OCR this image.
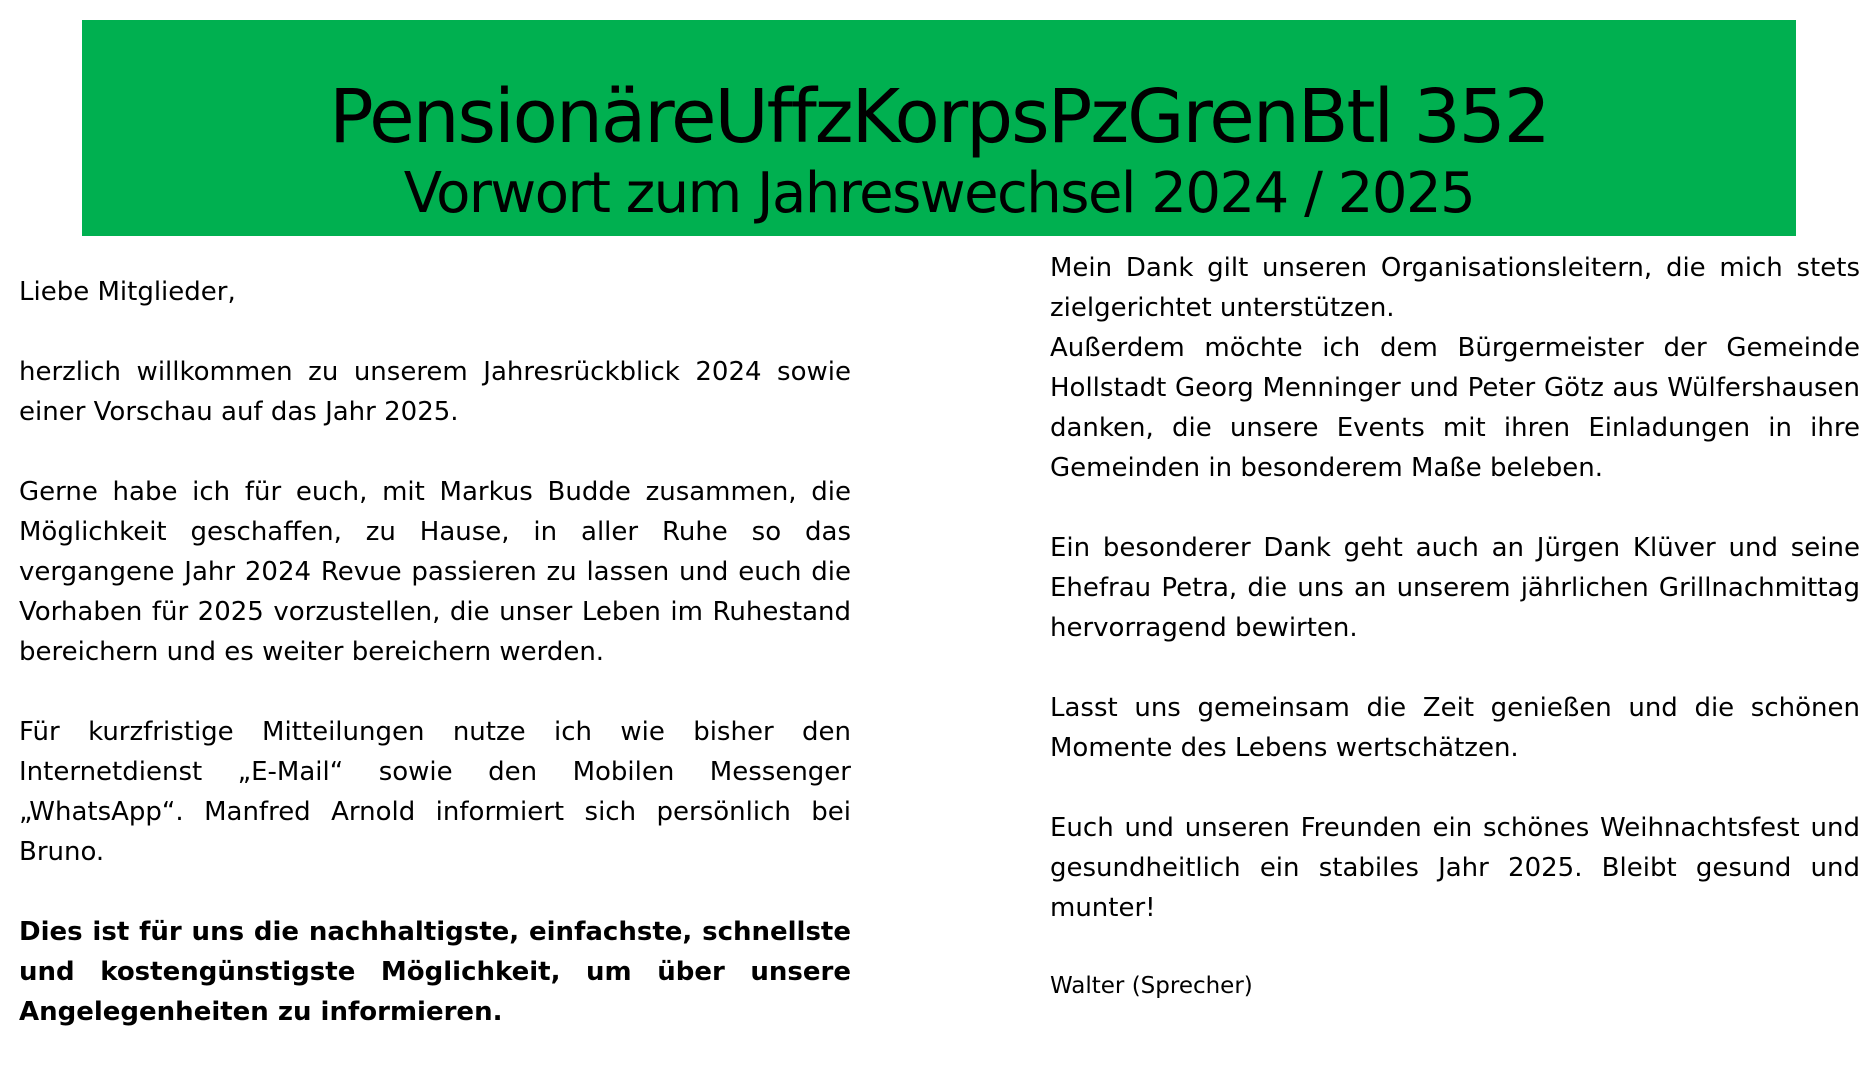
PensionäreUffzKorpsPzGrenBtl 352
Vorwort zum Jahreswechsel 2024 / 2025

Liebe Mitglieder,

herzlich willkommen zu unserem Jahresrückblick 2024 sowie einer Vorschau auf das Jahr 2025.

Gerne habe ich für euch, mit Markus Budde zusammen, die Möglichkeit geschaffen, zu Hause, in aller Ruhe so das vergangene Jahr 2024 Revue passieren zu lassen und euch die Vorhaben für 2025 vorzustellen, die unser Leben im Ruhestand bereichern und es weiter bereichern werden.

Für kurzfristige Mitteilungen nutze ich wie bisher den Internetdienst „E-Mail“ sowie den Mobilen Messenger „WhatsApp“. Manfred Arnold informiert sich persönlich bei Bruno.

Dies ist für uns die nachhaltigste, einfachste, schnellste und kostengünstigste Möglichkeit, um über unsere Angelegenheiten zu informieren.

Mein Dank gilt unseren Organisationsleitern, die mich stets zielgerichtet unterstützen.

Außerdem möchte ich dem Bürgermeister der Gemeinde Hollstadt Georg Menninger und Peter Götz aus Wülfershausen danken, die unsere Events mit ihren Einladungen in ihre Gemeinden in besonderem Maße beleben.

Ein besonderer Dank geht auch an Jürgen Klüver und seine Ehefrau Petra, die uns an unserem jährlichen Grillnachmittag hervorragend bewirten.

Lasst uns gemeinsam die Zeit genießen und die schönen Momente des Lebens wertschätzen.

Euch und unseren Freunden ein schönes Weihnachtsfest und gesundheitlich ein stabiles Jahr 2025. Bleibt gesund und munter!

Walter (Sprecher)
